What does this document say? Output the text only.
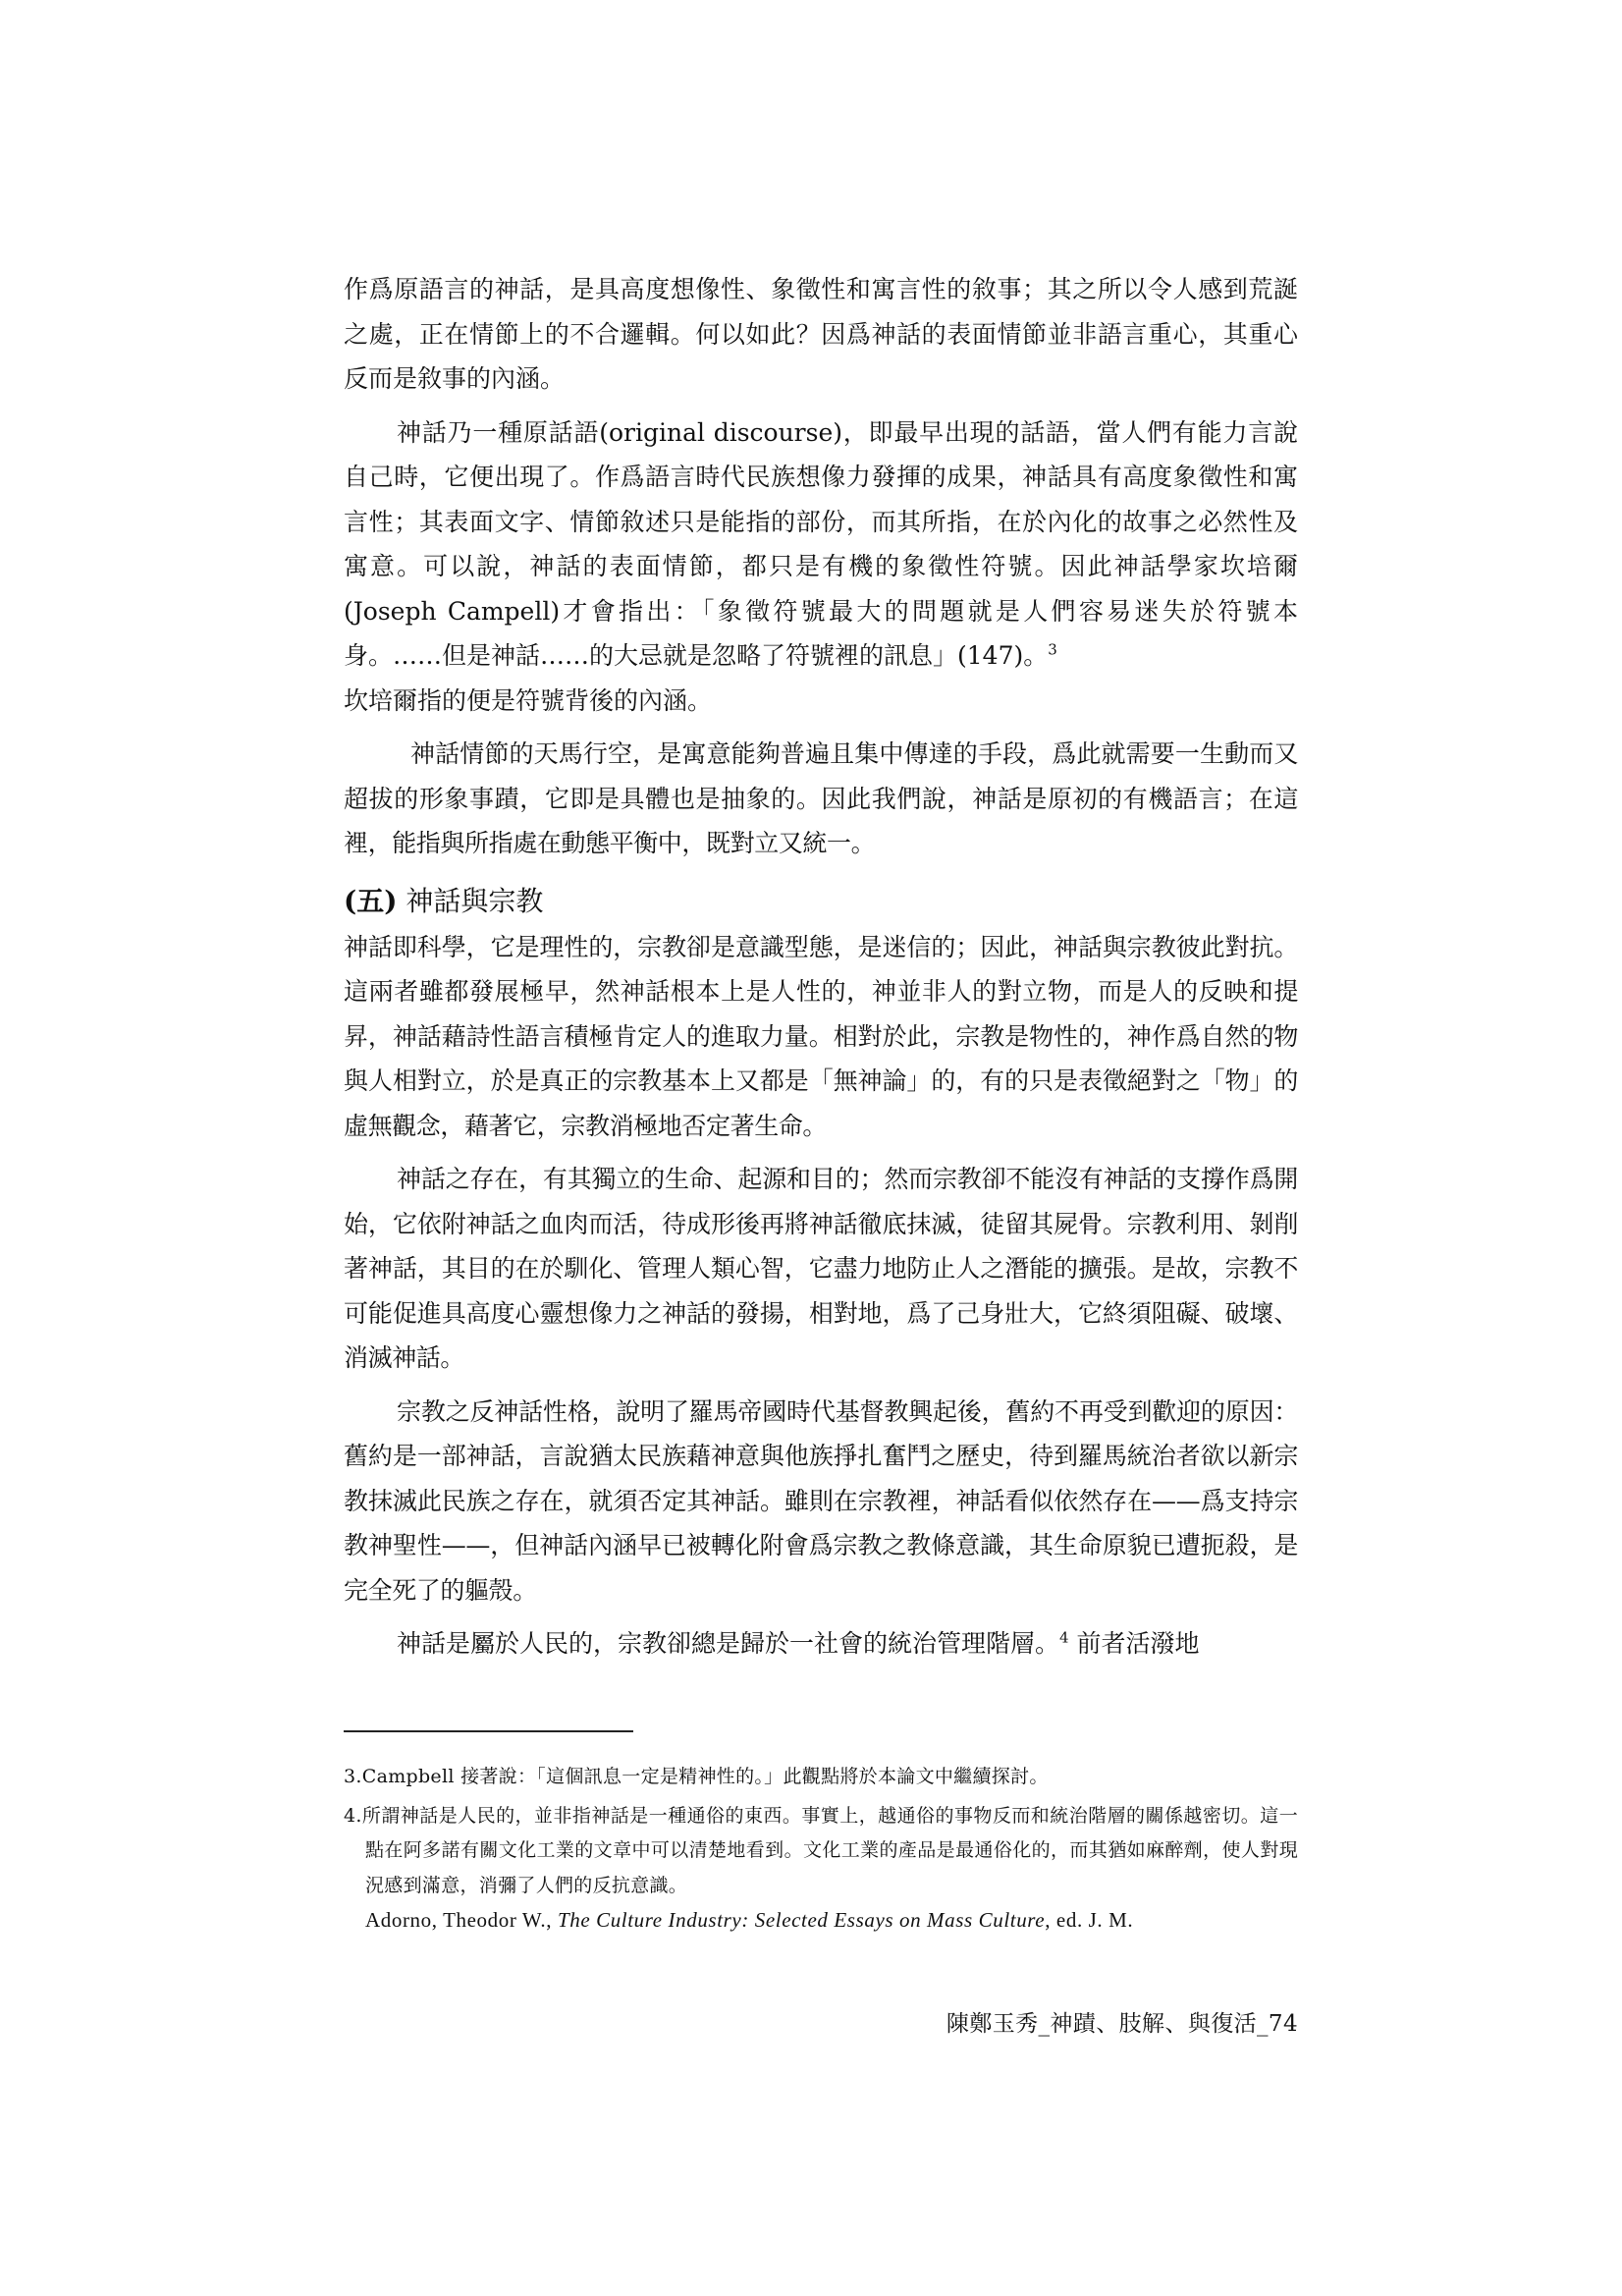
作爲原語言的神話，是具高度想像性、象徵性和寓言性的敘事；其之所以令人感到荒誕之處，正在情節上的不合邏輯。何以如此？因爲神話的表面情節並非語言重心，其重心反而是敘事的內涵。

神話乃一種原話語(original discourse)，即最早出現的話語，當人們有能力言說自己時，它便出現了。作爲語言時代民族想像力發揮的成果，神話具有高度象徵性和寓言性；其表面文字、情節敘述只是能指的部份，而其所指，在於內化的故事之必然性及寓意。可以說，神話的表面情節，都只是有機的象徵性符號。因此神話學家坎培爾(Joseph Campell)才會指出：「象徵符號最大的問題就是人們容易迷失於符號本身。……但是神話……的大忌就是忽略了符號裡的訊息」(147)。$^3$
坎培爾指的便是符號背後的內涵。

神話情節的天馬行空，是寓意能夠普遍且集中傳達的手段，爲此就需要一生動而又超拔的形象事蹟，它即是具體也是抽象的。因此我們說，神話是原初的有機語言；在這裡，能指與所指處在動態平衡中，既對立又統一。

(五) 神話與宗教

神話即科學，它是理性的，宗教卻是意識型態，是迷信的；因此，神話與宗教彼此對抗。這兩者雖都發展極早，然神話根本上是人性的，神並非人的對立物，而是人的反映和提昇，神話藉詩性語言積極肯定人的進取力量。相對於此，宗教是物性的，神作爲自然的物與人相對立，於是真正的宗教基本上又都是「無神論」的，有的只是表徵絕對之「物」的虛無觀念，藉著它，宗教消極地否定著生命。

神話之存在，有其獨立的生命、起源和目的；然而宗教卻不能沒有神話的支撐作爲開始，它依附神話之血肉而活，待成形後再將神話徹底抹滅，徒留其屍骨。宗教利用、剝削著神話，其目的在於馴化、管理人類心智，它盡力地防止人之潛能的擴張。是故，宗教不可能促進具高度心靈想像力之神話的發揚，相對地，爲了己身壯大，它終須阻礙、破壞、消滅神話。

宗教之反神話性格，說明了羅馬帝國時代基督教興起後，舊約不再受到歡迎的原因：舊約是一部神話，言說猶太民族藉神意與他族掙扎奮鬥之歷史，待到羅馬統治者欲以新宗教抹滅此民族之存在，就須否定其神話。雖則在宗教裡，神話看似依然存在——爲支持宗教神聖性——，但神話內涵早已被轉化附會爲宗教之教條意識，其生命原貌已遭扼殺，是完全死了的軀殼。

神話是屬於人民的，宗教卻總是歸於一社會的統治管理階層。$^4$ 前者活潑地

3.Campbell 接著說：「這個訊息一定是精神性的。」此觀點將於本論文中繼續探討。

4.所謂神話是人民的，並非指神話是一種通俗的東西。事實上，越通俗的事物反而和統治階層的關係越密切。這一點在阿多諾有關文化工業的文章中可以清楚地看到。文化工業的產品是最通俗化的，而其猶如麻醉劑，使人對現況感到滿意，消彌了人們的反抗意識。
Adorno, Theodor W., The Culture Industry: Selected Essays on Mass Culture, ed. J. M.

陳鄭玉秀_神蹟、肢解、與復活_74
